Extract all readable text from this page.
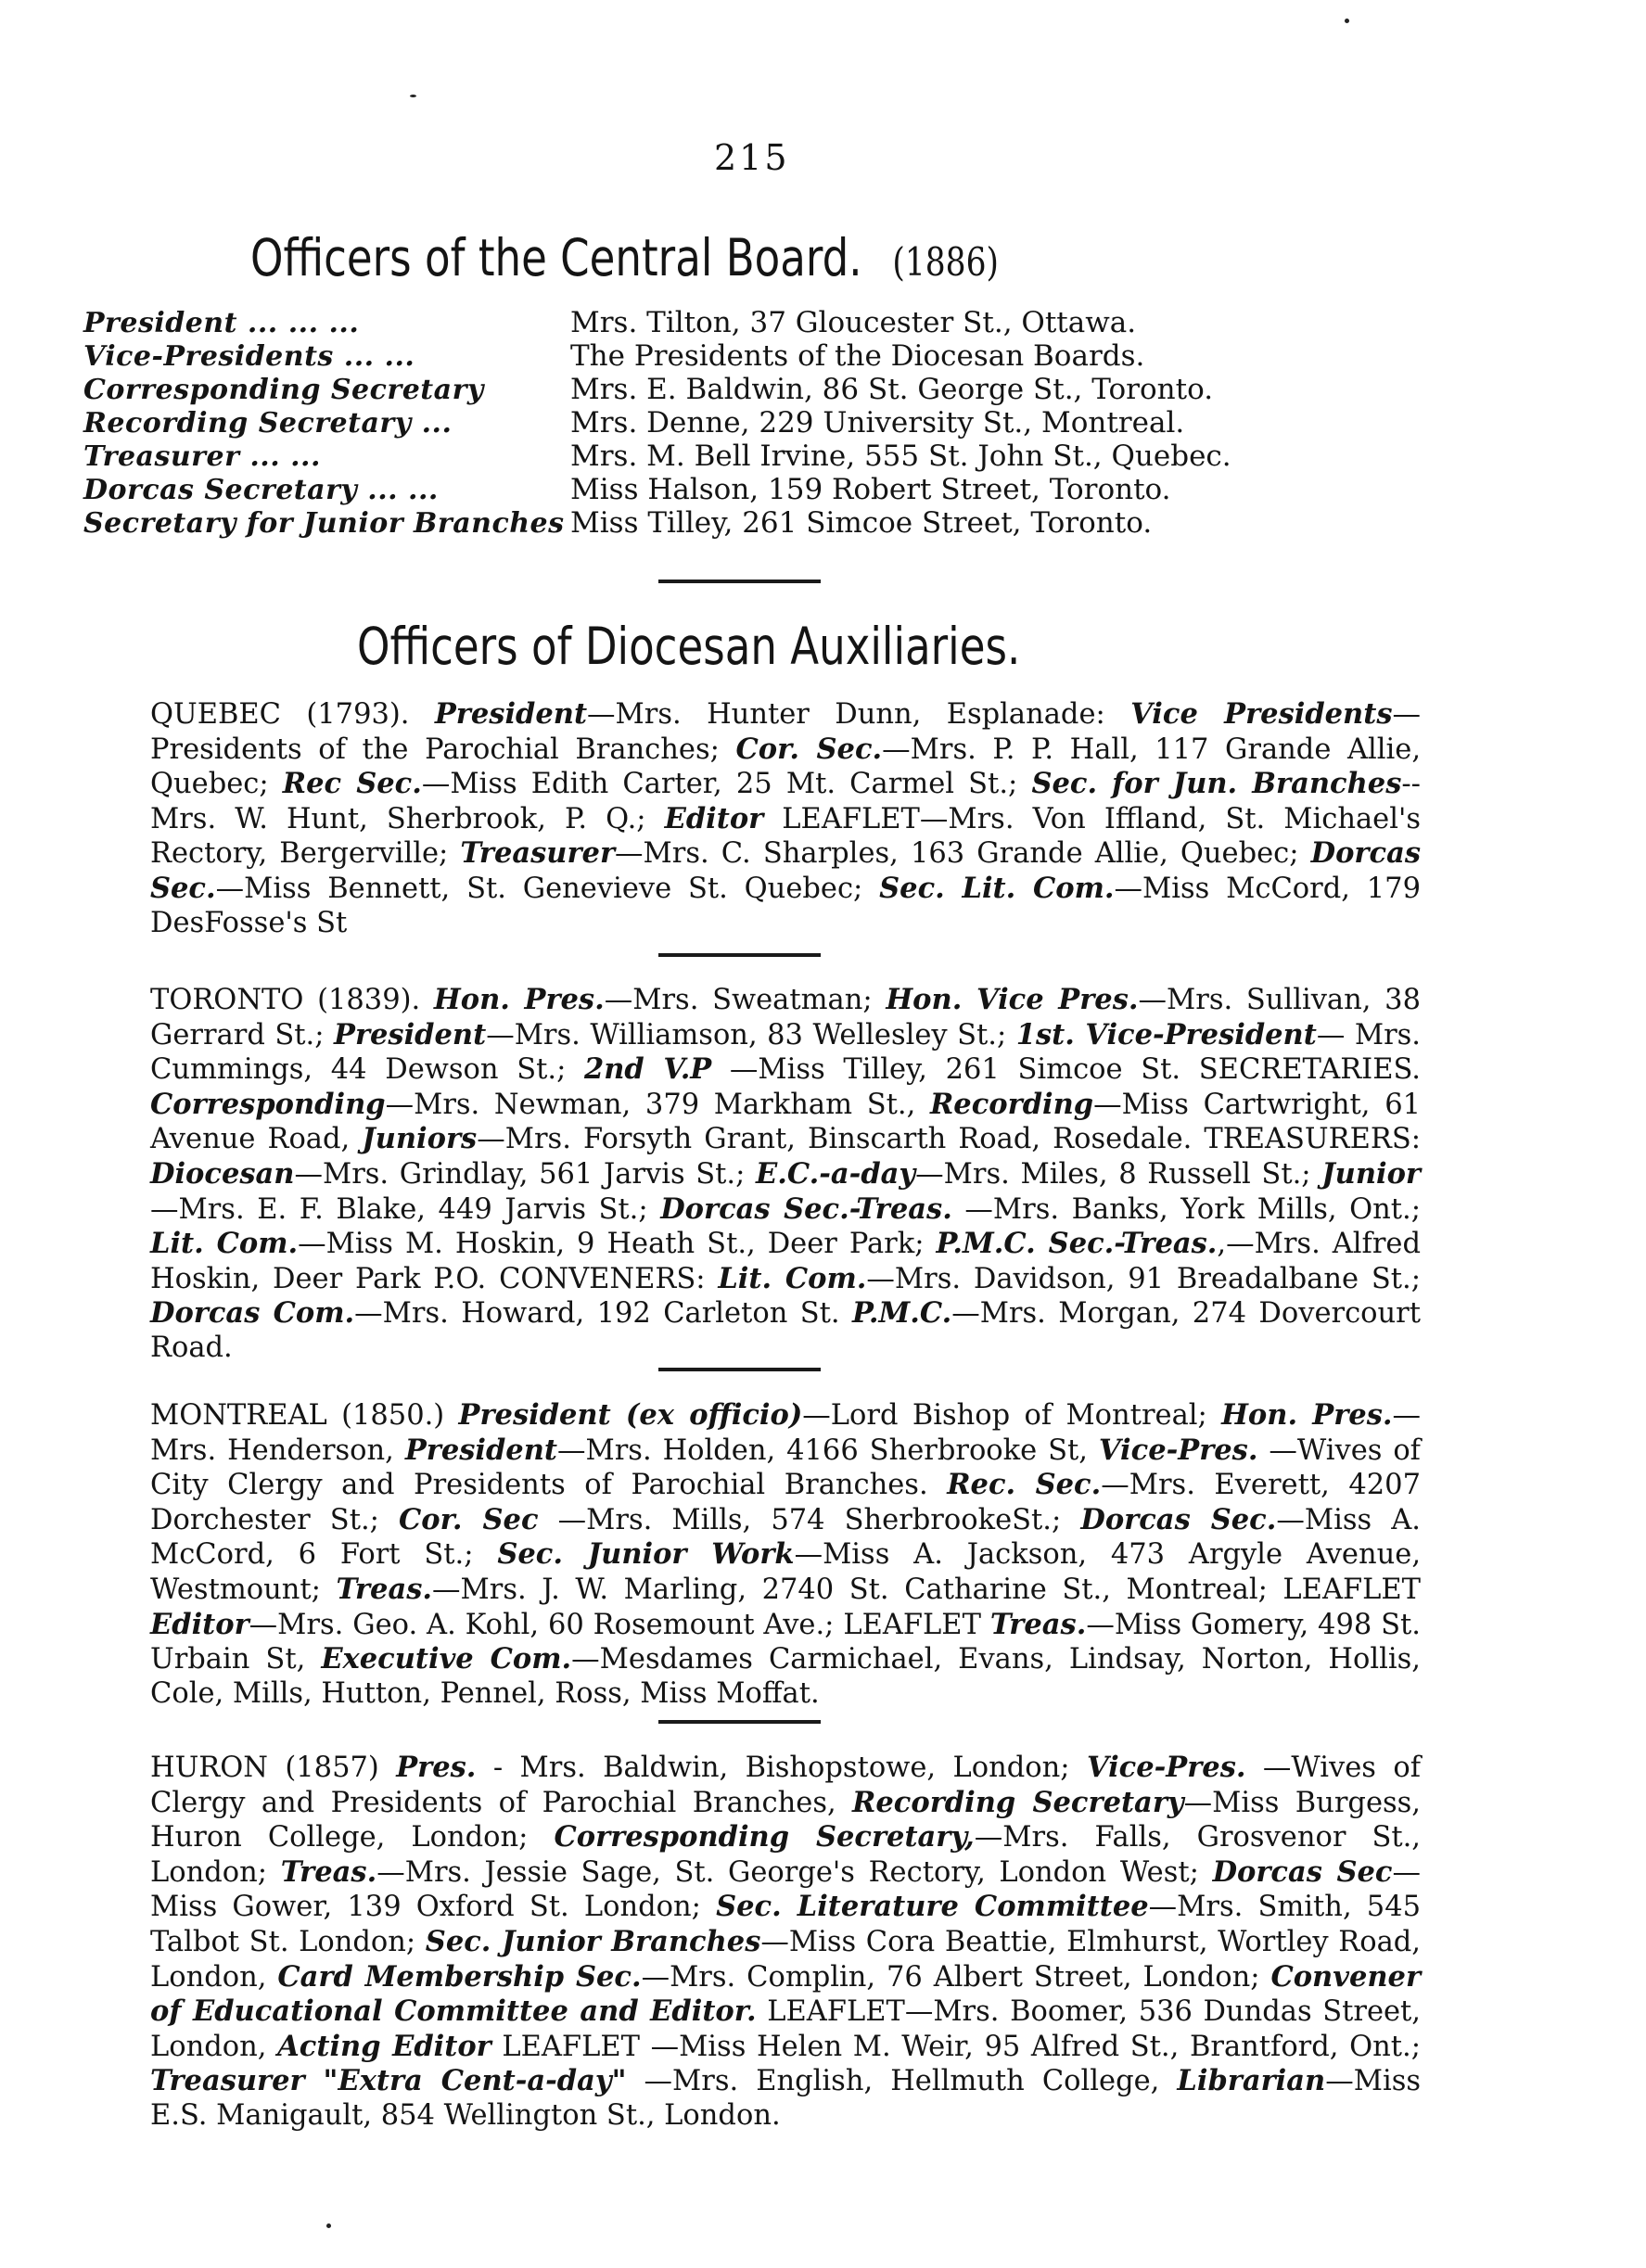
215
Officers of the Central Board. (1886)
President ... ... ...	Mrs. Tilton, 37 Gloucester St., Ottawa.
Vice-Presidents ... ...	The Presidents of the Diocesan Boards.
Corresponding Secretary	Mrs. E. Baldwin, 86 St. George St., Toronto.
Recording Secretary ...	Mrs. Denne, 229 University St., Montreal.
Treasurer ... ...	Mrs. M. Bell Irvine, 555 St. John St., Quebec.
Dorcas Secretary ... ...	Miss Halson, 159 Robert Street, Toronto.
Secretary for Junior Branches Miss Tilley, 261 Simcoe Street, Toronto.
Officers of Diocesan Auxiliaries.

QUEBEC (1793). President—Mrs. Hunter Dunn, Esplanade: Vice Presidents—Presidents of the Parochial Branches; Cor. Sec.—Mrs. P. P. Hall, 117 Grande Allie, Quebec; Rec Sec.—Miss Edith Carter, 25 Mt. Carmel St.; Sec. for Jun. Branches--Mrs. W. Hunt, Sherbrook, P. Q.; Editor LEAFLET—Mrs. Von Iffland, St. Michael's Rectory, Bergerville; Treasurer—Mrs. C. Sharples, 163 Grande Allie, Quebec; Dorcas Sec.—Miss Bennett, St. Genevieve St. Quebec; Sec. Lit. Com.—Miss McCord, 179 DesFosse's St

TORONTO (1839). Hon. Pres.—Mrs. Sweatman; Hon. Vice Pres.—Mrs. Sullivan, 38 Gerrard St.; President—Mrs. Williamson, 83 Wellesley St.; 1st. Vice-President— Mrs. Cummings, 44 Dewson St.; 2nd V.P —Miss Tilley, 261 Simcoe St. SECRETARIES. Corresponding—Mrs. Newman, 379 Markham St., Recording—Miss Cartwright, 61 Avenue Road, Juniors—Mrs. Forsyth Grant, Binscarth Road, Rosedale. TREASURERS: Diocesan—Mrs. Grindlay, 561 Jarvis St.; E.C.-a-day—Mrs. Miles, 8 Russell St.; Junior—Mrs. E. F. Blake, 449 Jarvis St.; Dorcas Sec.-Treas. —Mrs. Banks, York Mills, Ont.; Lit. Com.—Miss M. Hoskin, 9 Heath St., Deer Park; P.M.C. Sec.-Treas.,—Mrs. Alfred Hoskin, Deer Park P.O. CONVENERS: Lit. Com.—Mrs. Davidson, 91 Breadalbane St.; Dorcas Com.—Mrs. Howard, 192 Carleton St. P.M.C.—Mrs. Morgan, 274 Dovercourt Road.

MONTREAL (1850.) President (ex officio)—Lord Bishop of Montreal; Hon. Pres.— Mrs. Henderson, President—Mrs. Holden, 4166 Sherbrooke St, Vice-Pres. —Wives of City Clergy and Presidents of Parochial Branches. Rec. Sec.—Mrs. Everett, 4207 Dorchester St.; Cor. Sec —Mrs. Mills, 574 SherbrookeSt.; Dorcas Sec.—Miss A. McCord, 6 Fort St.; Sec. Junior Work—Miss A. Jackson, 473 Argyle Avenue, Westmount; Treas.—Mrs. J. W. Marling, 2740 St. Catharine St., Montreal; LEAFLET Editor—Mrs. Geo. A. Kohl, 60 Rosemount Ave.; LEAFLET Treas.—Miss Gomery, 498 St. Urbain St, Executive Com.—Mesdames Carmichael, Evans, Lindsay, Norton, Hollis, Cole, Mills, Hutton, Pennel, Ross, Miss Moffat.

HURON (1857) Pres. - Mrs. Baldwin, Bishopstowe, London; Vice-Pres. —Wives of Clergy and Presidents of Parochial Branches, Recording Secretary—Miss Burgess, Huron College, London; Corresponding Secretary,—Mrs. Falls, Grosvenor St., London; Treas.—Mrs. Jessie Sage, St. George's Rectory, London West; Dorcas Sec—Miss Gower, 139 Oxford St. London; Sec. Literature Committee—Mrs. Smith, 545 Talbot St. London; Sec. Junior Branches—Miss Cora Beattie, Elmhurst, Wortley Road, London, Card Membership Sec.—Mrs. Complin, 76 Albert Street, London; Convener of Educational Committee and Editor. LEAFLET—Mrs. Boomer, 536 Dundas Street, London, Acting Editor LEAFLET —Miss Helen M. Weir, 95 Alfred St., Brantford, Ont.; Treasurer "Extra Cent-a-day" —Mrs. English, Hellmuth College, Librarian—Miss E.S. Manigault, 854 Wellington St., London.
